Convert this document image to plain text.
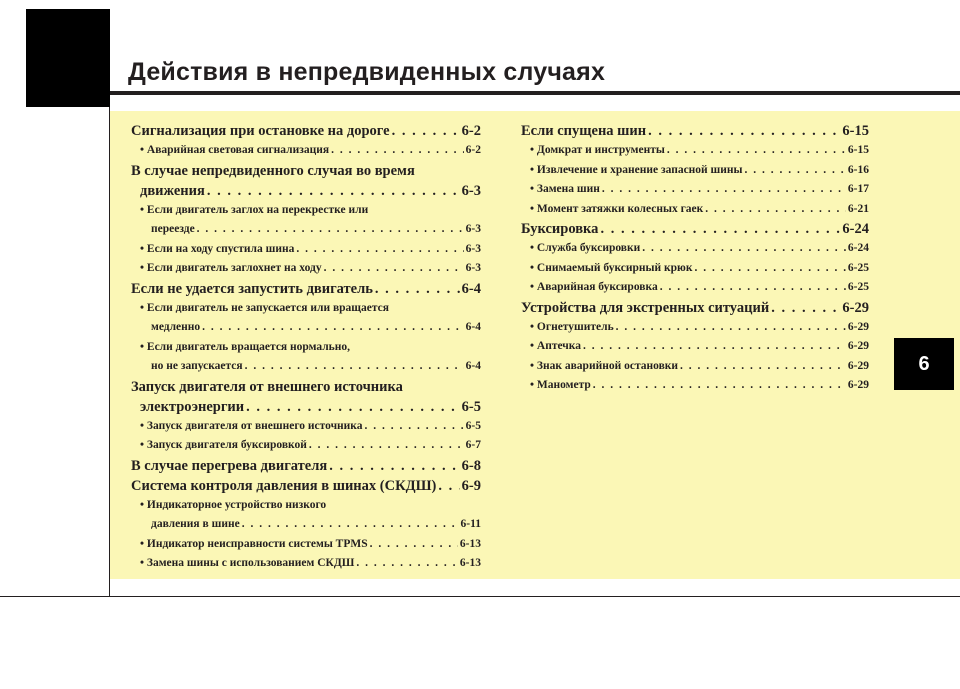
Действия в непредвиденных случаях
6
Сигнализация при остановке на дороге . . .	6-2
• Аварийная световая сигнализация . . .	6-2
В случае непредвиденного случая во время
движения . . .	6-3
• Если двигатель заглох на перекрестке или
переезде . . .	6-3
• Если на ходу спустила шина . . .	6-3
• Если двигатель заглохнет на ходу . . .	6-3
Если не удается запустить двигатель . . .	6-4
• Если двигатель не запускается или вращается
медленно . . .	6-4
• Если двигатель вращается нормально,
но не запускается . . .	6-4
Запуск двигателя от внешнего источника
электроэнергии . . .	6-5
• Запуск двигателя от внешнего источника . . .	6-5
• Запуск двигателя буксировкой . . .	6-7
В случае перегрева двигателя . . .	6-8
Система контроля давления в шинах (СКДШ) . . . 6-9
• Индикаторное устройство низкого
давления в шине . . .	6-11
• Индикатор неисправности системы TPMS . . .	6-13
• Замена шины с использованием СКДШ . . .	6-13
Если спущена шин . . .	6-15
• Домкрат и инструменты . . .	6-15
• Извлечение и хранение запасной шины . . .	6-16
• Замена шин . . .	6-17
• Момент затяжки колесных гаек . . .	6-21
Буксировка . . .	6-24
• Служба буксировки . . .	6-24
• Снимаемый буксирный крюк . . .	6-25
• Аварийная буксировка . . .	6-25
Устройства для экстренных ситуаций . . .	6-29
• Огнетушитель . . .	6-29
• Аптечка . . .	6-29
• Знак аварийной остановки . . .	6-29
• Манометр . . .	6-29
